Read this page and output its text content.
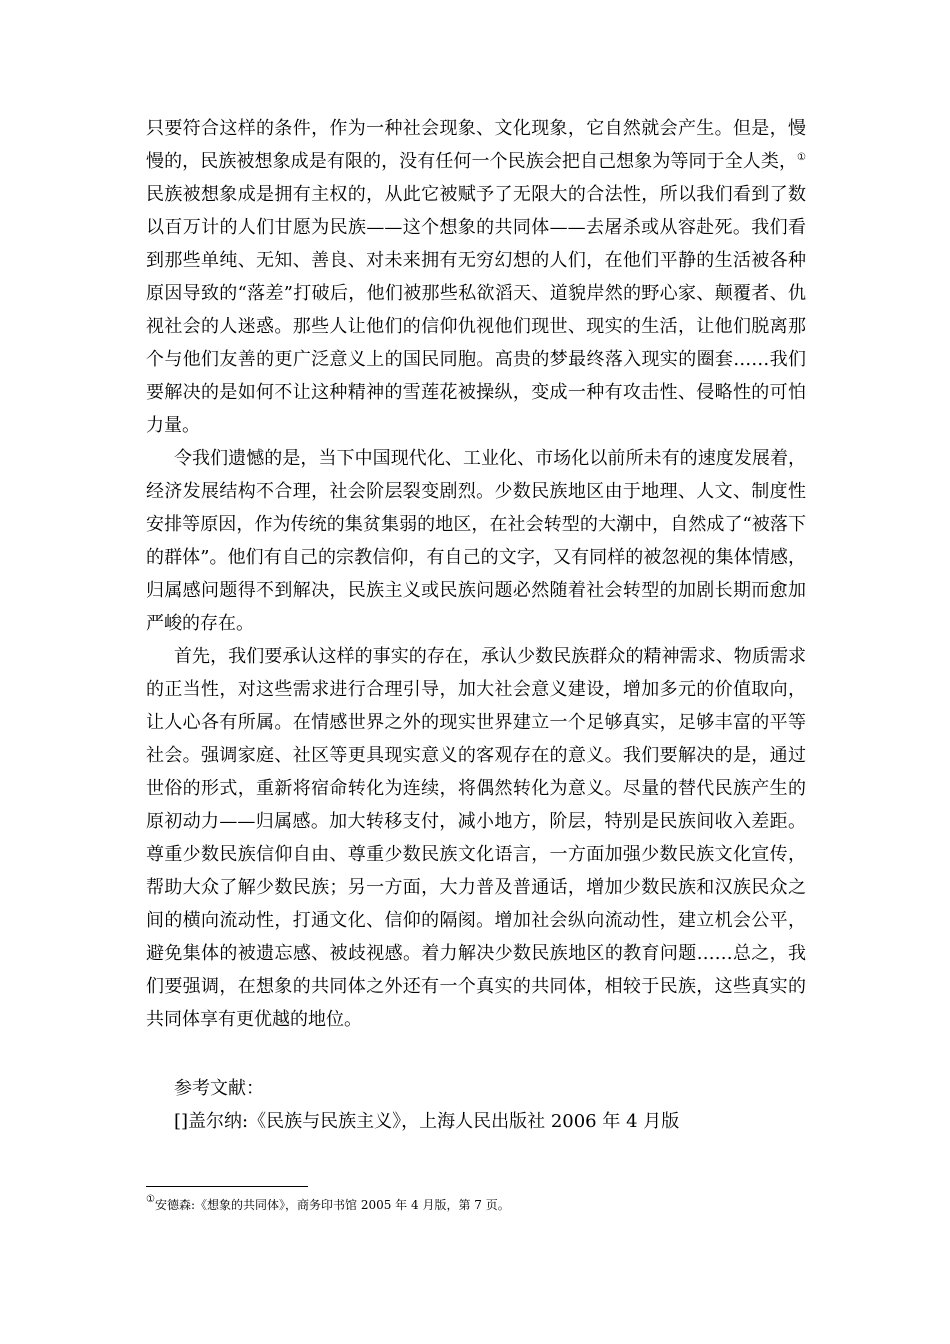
只要符合这样的条件，作为一种社会现象、文化现象，它自然就会产生。但是，慢慢的，民族被想象成是有限的，没有任何一个民族会把自己想象为等同于全人类，①民族被想象成是拥有主权的，从此它被赋予了无限大的合法性，所以我们看到了数以百万计的人们甘愿为民族——这个想象的共同体——去屠杀或从容赴死。我们看到那些单纯、无知、善良、对未来拥有无穷幻想的人们，在他们平静的生活被各种原因导致的“落差”打破后，他们被那些私欲滔天、道貌岸然的野心家、颠覆者、仇视社会的人迷惑。那些人让他们的信仰仇视他们现世、现实的生活，让他们脱离那个与他们友善的更广泛意义上的国民同胞。高贵的梦最终落入现实的圈套……我们要解决的是如何不让这种精神的雪莲花被操纵，变成一种有攻击性、侵略性的可怕力量。

令我们遗憾的是，当下中国现代化、工业化、市场化以前所未有的速度发展着，经济发展结构不合理，社会阶层裂变剧烈。少数民族地区由于地理、人文、制度性安排等原因，作为传统的集贫集弱的地区，在社会转型的大潮中，自然成了“被落下的群体”。他们有自己的宗教信仰，有自己的文字，又有同样的被忽视的集体情感，归属感问题得不到解决，民族主义或民族问题必然随着社会转型的加剧长期而愈加严峻的存在。

首先，我们要承认这样的事实的存在，承认少数民族群众的精神需求、物质需求的正当性，对这些需求进行合理引导，加大社会意义建设，增加多元的价值取向，让人心各有所属。在情感世界之外的现实世界建立一个足够真实，足够丰富的平等社会。强调家庭、社区等更具现实意义的客观存在的意义。我们要解决的是，通过世俗的形式，重新将宿命转化为连续，将偶然转化为意义。尽量的替代民族产生的原初动力——归属感。加大转移支付，减小地方，阶层，特别是民族间收入差距。尊重少数民族信仰自由、尊重少数民族文化语言，一方面加强少数民族文化宣传，帮助大众了解少数民族；另一方面，大力普及普通话，增加少数民族和汉族民众之间的横向流动性，打通文化、信仰的隔阂。增加社会纵向流动性，建立机会公平，避免集体的被遗忘感、被歧视感。着力解决少数民族地区的教育问题……总之，我们要强调，在想象的共同体之外还有一个真实的共同体，相较于民族，这些真实的共同体享有更优越的地位。

参考文献：
[]盖尔纳:《民族与民族主义》，上海人民出版社 2006 年 4 月版
①安德森:《想象的共同体》，商务印书馆 2005 年 4 月版，第 7 页。
